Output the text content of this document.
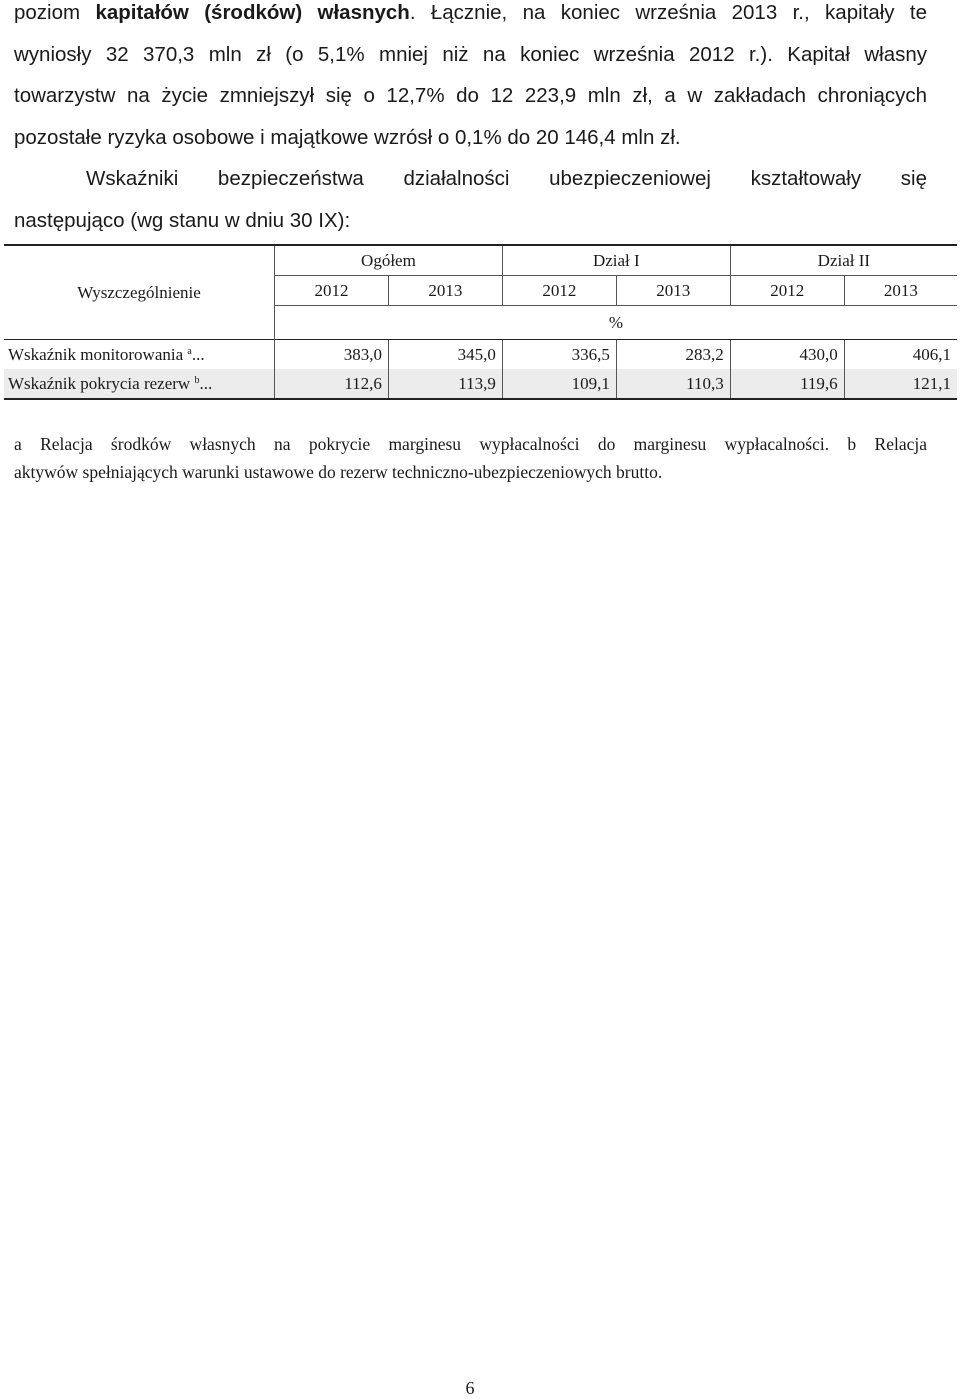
poziom kapitałów (środków) własnych. Łącznie, na koniec września 2013 r., kapitały te
wyniosły 32 370,3 mln zł (o 5,1% mniej niż na koniec września 2012 r.). Kapitał własny
towarzystw na życie zmniejszył się o 12,7% do 12 223,9 mln zł, a w zakładach chroniących
pozostałe ryzyka osobowe i majątkowe wzrósł o 0,1% do 20 146,4 mln zł.
Wskaźniki bezpieczeństwa działalności ubezpieczeniowej kształtowały się
następująco (wg stanu w dniu 30 IX):
Wyszczególnienie	Ogółem		Dział I		Dział II	
	2012	2013	2012	2013	2012	2013
	%					
Wskaźnik monitorowania $^a$...	383,0	345,0	336,5	283,2	430,0	406,1
Wskaźnik pokrycia rezerw $^b$...	112,6	113,9	109,1	110,3	119,6	121,1
a Relacja środków własnych na pokrycie marginesu wypłacalności do marginesu wypłacalności. b Relacja
aktywów spełniających warunki ustawowe do rezerw techniczno-ubezpieczeniowych brutto.
6
